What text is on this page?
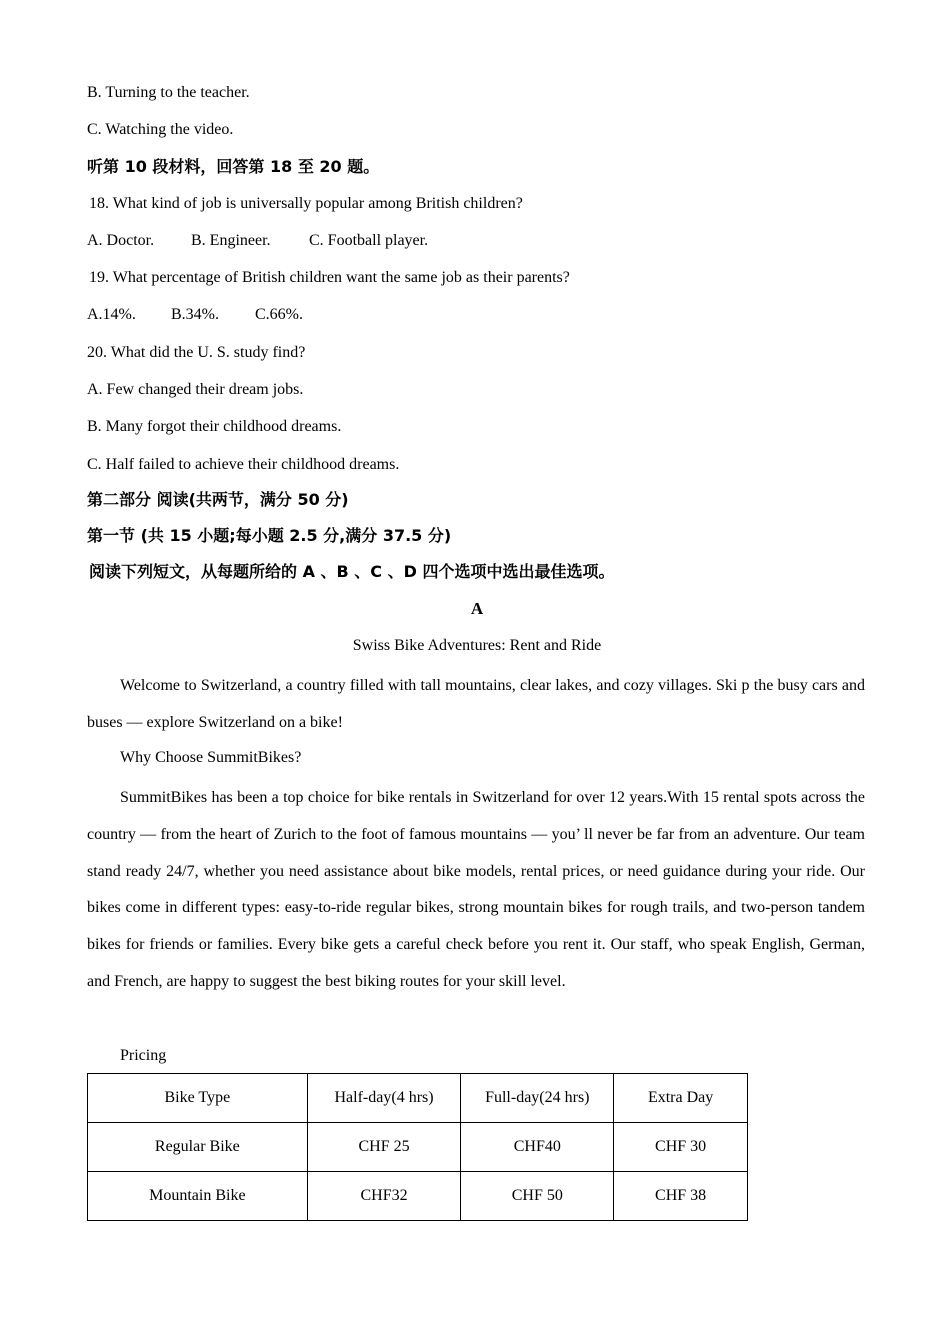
B. Turning to the teacher.
C. Watching the video.
听第 10 段材料，回答第 18 至 20 题。
18. What kind of job is universally popular among British children?
A. Doctor. B. Engineer. C. Football player.
19. What percentage of British children want the same job as their parents?
A.14%. B.34%. C.66%.
20. What did the U. S. study find?
A. Few changed their dream jobs.
B. Many forgot their childhood dreams.
C. Half failed to achieve their childhood dreams.
第二部分 阅读(共两节，满分 50 分)
第一节 (共 15 小题;每小题 2.5 分,满分 37.5 分)
阅读下列短文，从每题所给的 A 、B 、C 、D 四个选项中选出最佳选项。
A
Swiss Bike Adventures: Rent and Ride
Welcome to Switzerland, a country filled with tall mountains, clear lakes, and cozy villages. Ski p the busy cars and buses — explore Switzerland on a bike!
Why Choose SummitBikes?
SummitBikes has been a top choice for bike rentals in Switzerland for over 12 years.With 15 rental spots across the country — from the heart of Zurich to the foot of famous mountains — you’ ll never be far from an adventure. Our team stand ready 24/7, whether you need assistance about bike models, rental prices, or need guidance during your ride. Our bikes come in different types: easy-to-ride regular bikes, strong mountain bikes for rough trails, and two-person tandem bikes for friends or families. Every bike gets a careful check before you rent it. Our staff, who speak English, German, and French, are happy to suggest the best biking routes for your skill level.
Pricing
Bike Type	Half-day(4 hrs)	Full-day(24 hrs)	Extra Day
Regular Bike	CHF 25	CHF40	CHF 30
Mountain Bike	CHF32	CHF 50	CHF 38
